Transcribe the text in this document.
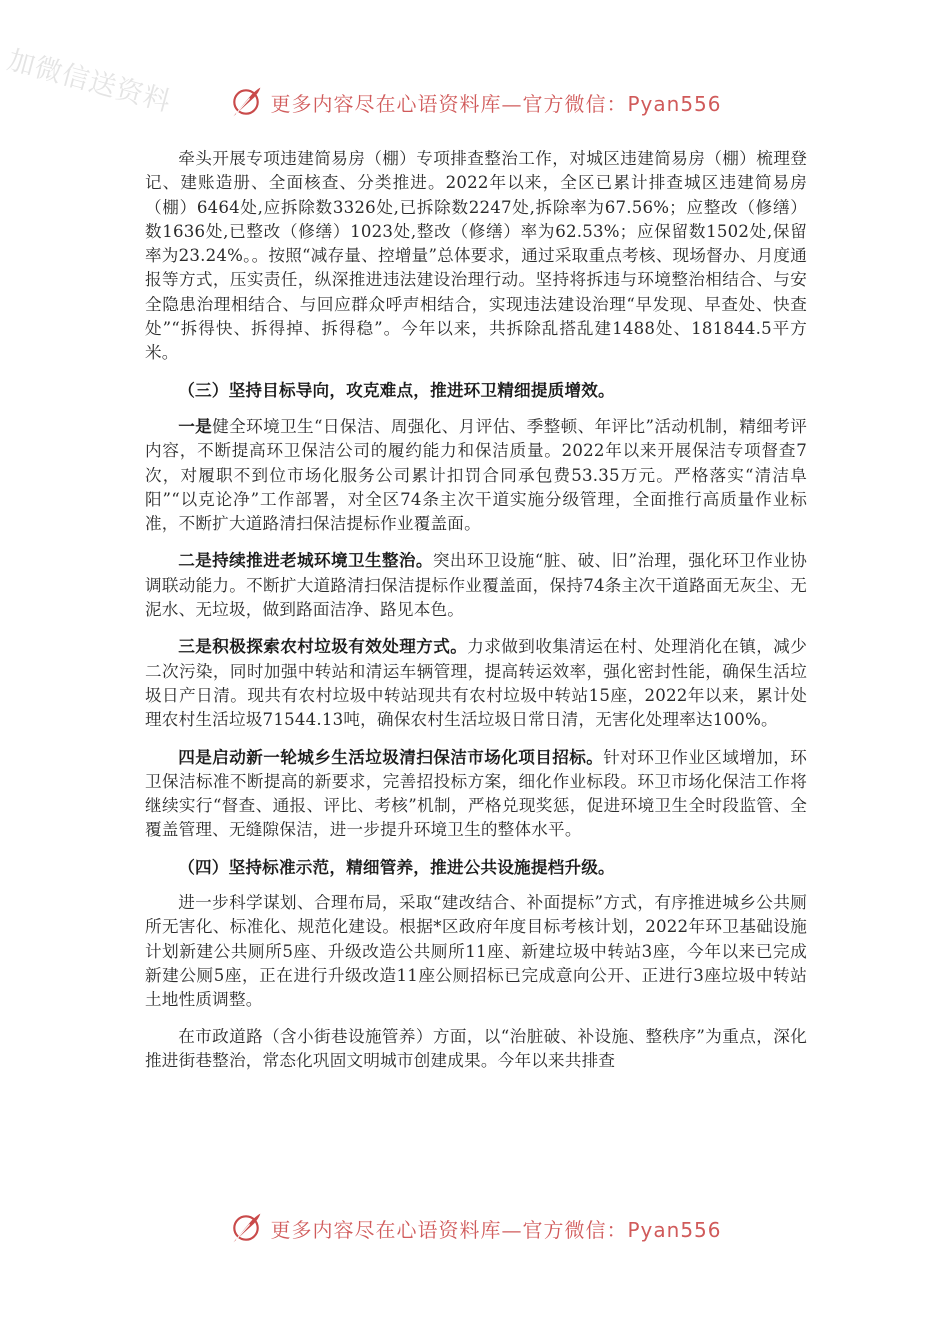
加微信送资料	更多内容尽在心语资料库—官方微信：Pyan556

牵头开展专项违建简易房（棚）专项排查整治工作，对城区违建简易房（棚）梳理登记、建账造册、全面核查、分类推进。2022年以来，全区已累计排查城区违建简易房（棚）6464处,应拆除数3326处,已拆除数2247处,拆除率为67.56%；应整改（修缮）数1636处,已整改（修缮）1023处,整改（修缮）率为62.53%；应保留数1502处,保留率为23.24%。。按照“减存量、控增量”总体要求，通过采取重点考核、现场督办、月度通报等方式，压实责任，纵深推进违法建设治理行动。坚持将拆违与环境整治相结合、与安全隐患治理相结合、与回应群众呼声相结合，实现违法建设治理“早发现、早查处、快查处”“拆得快、拆得掉、拆得稳”。今年以来，共拆除乱搭乱建1488处、181844.5平方米。

（三）坚持目标导向，攻克难点，推进环卫精细提质增效。

一是健全环境卫生“日保洁、周强化、月评估、季整顿、年评比”活动机制，精细考评内容，不断提高环卫保洁公司的履约能力和保洁质量。2022年以来开展保洁专项督查7次，对履职不到位市场化服务公司累计扣罚合同承包费53.35万元。严格落实“清洁阜阳”“以克论净”工作部署，对全区74条主次干道实施分级管理，全面推行高质量作业标准，不断扩大道路清扫保洁提标作业覆盖面。

二是持续推进老城环境卫生整治。突出环卫设施“脏、破、旧”治理，强化环卫作业协调联动能力。不断扩大道路清扫保洁提标作业覆盖面，保持74条主次干道路面无灰尘、无泥水、无垃圾，做到路面洁净、路见本色。

三是积极探索农村垃圾有效处理方式。力求做到收集清运在村、处理消化在镇，减少二次污染，同时加强中转站和清运车辆管理，提高转运效率，强化密封性能，确保生活垃圾日产日清。现共有农村垃圾中转站现共有农村垃圾中转站15座，2022年以来，累计处理农村生活垃圾71544.13吨，确保农村生活垃圾日常日清，无害化处理率达100%。

四是启动新一轮城乡生活垃圾清扫保洁市场化项目招标。针对环卫作业区域增加，环卫保洁标准不断提高的新要求，完善招投标方案，细化作业标段。环卫市场化保洁工作将继续实行“督查、通报、评比、考核”机制，严格兑现奖惩，促进环境卫生全时段监管、全覆盖管理、无缝隙保洁，进一步提升环境卫生的整体水平。

（四）坚持标准示范，精细管养，推进公共设施提档升级。

进一步科学谋划、合理布局，采取“建改结合、补面提标”方式，有序推进城乡公共厕所无害化、标准化、规范化建设。根据*区政府年度目标考核计划，2022年环卫基础设施计划新建公共厕所5座、升级改造公共厕所11座、新建垃圾中转站3座，今年以来已完成新建公厕5座，正在进行升级改造11座公厕招标已完成意向公开、正进行3座垃圾中转站土地性质调整。

在市政道路（含小街巷设施管养）方面，以“治脏破、补设施、整秩序”为重点，深化推进街巷整治，常态化巩固文明城市创建成果。今年以来共排查

更多内容尽在心语资料库—官方微信：Pyan556
